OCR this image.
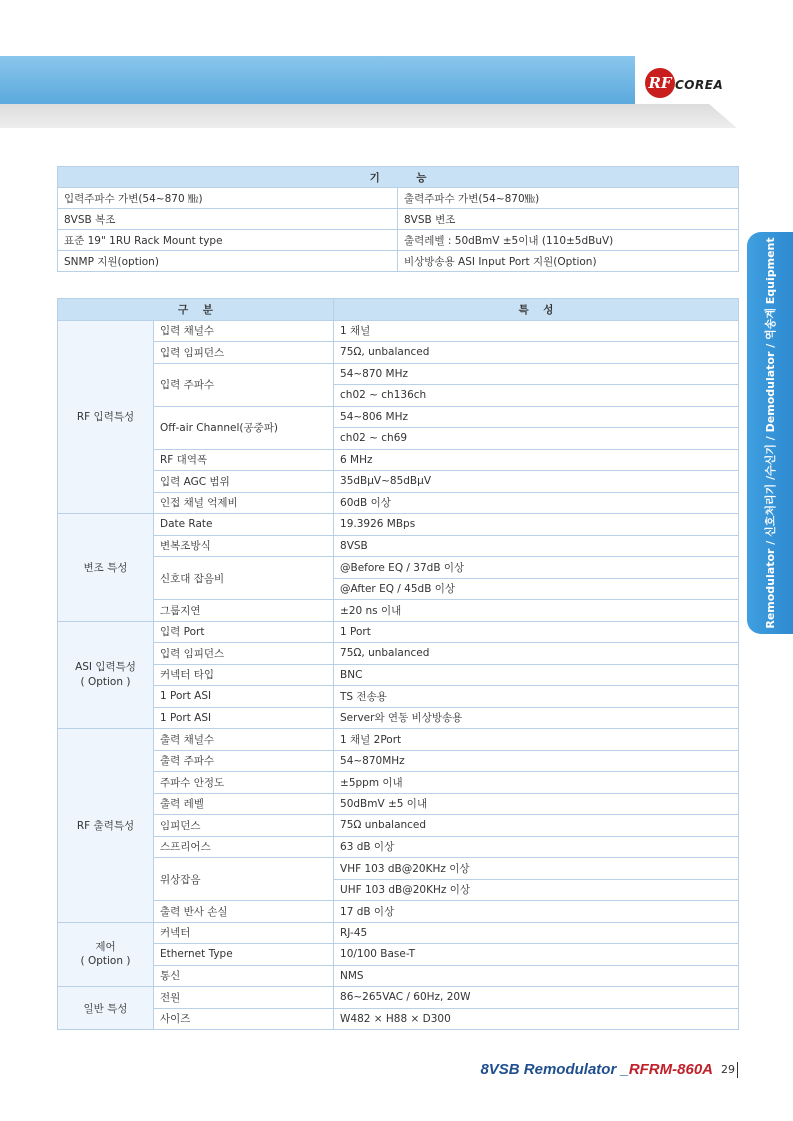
RF COREA
기          능	
입력주파수 가변(54~870 ㎒)	출력주파수 가변(54~870㎒)
8VSB 복조	8VSB 변조
표준 19" 1RU Rack Mount type	출력레벨 : 50dBmV ±5이내 (110±5dBuV)
SNMP 지원(option)	비상방송용 ASI Input Port 지원(Option)
구    분		특    성
RF 입력특성	입력 채널수	1 채널
	입력 임피던스	75Ω, unbalanced
	입력 주파수	54~870 MHz
		ch02 ~ ch136ch
	Off-air Channel(공중파)	54~806 MHz
		ch02 ~ ch69
	RF 대역폭	6 MHz
	입력 AGC 범위	35dBμV~85dBμV
	인접 채널 억제비	60dB 이상
변조 특성	Date Rate	19.3926 MBps
	변복조방식	8VSB
	신호대 잡음비	@Before EQ / 37dB 이상
		@After EQ / 45dB 이상
	그룹지연	±20 ns 이내
ASI 입력특성
( Option )	입력 Port	1 Port
	입력 임피던스	75Ω, unbalanced
	커넥터 타입	BNC
	1 Port ASI	TS 전송용
	1 Port ASI	Server와 연동 비상방송용
RF 출력특성	출력 채널수	1 채널 2Port
	출력 주파수	54~870MHz
	주파수 안정도	±5ppm 이내
	출력 레벨	50dBmV ±5 이내
	임피던스	75Ω unbalanced
	스프리어스	63 dB 이상
	위상잡음	VHF 103 dB@20KHz 이상
		UHF 103 dB@20KHz 이상
	출력 반사 손실	17 dB 이상
제어
( Option )	커넥터	RJ-45
	Ethernet Type	10/100 Base-T
	통신	NMS
일반 특성	전원	86~265VAC / 60Hz, 20W
	사이즈	W482 × H88 × D300
Remodulator / 신호처리기 /수신기 / Demodulator / 역송계 Equipment
8VSB Remodulator _RFRM-860A 29
